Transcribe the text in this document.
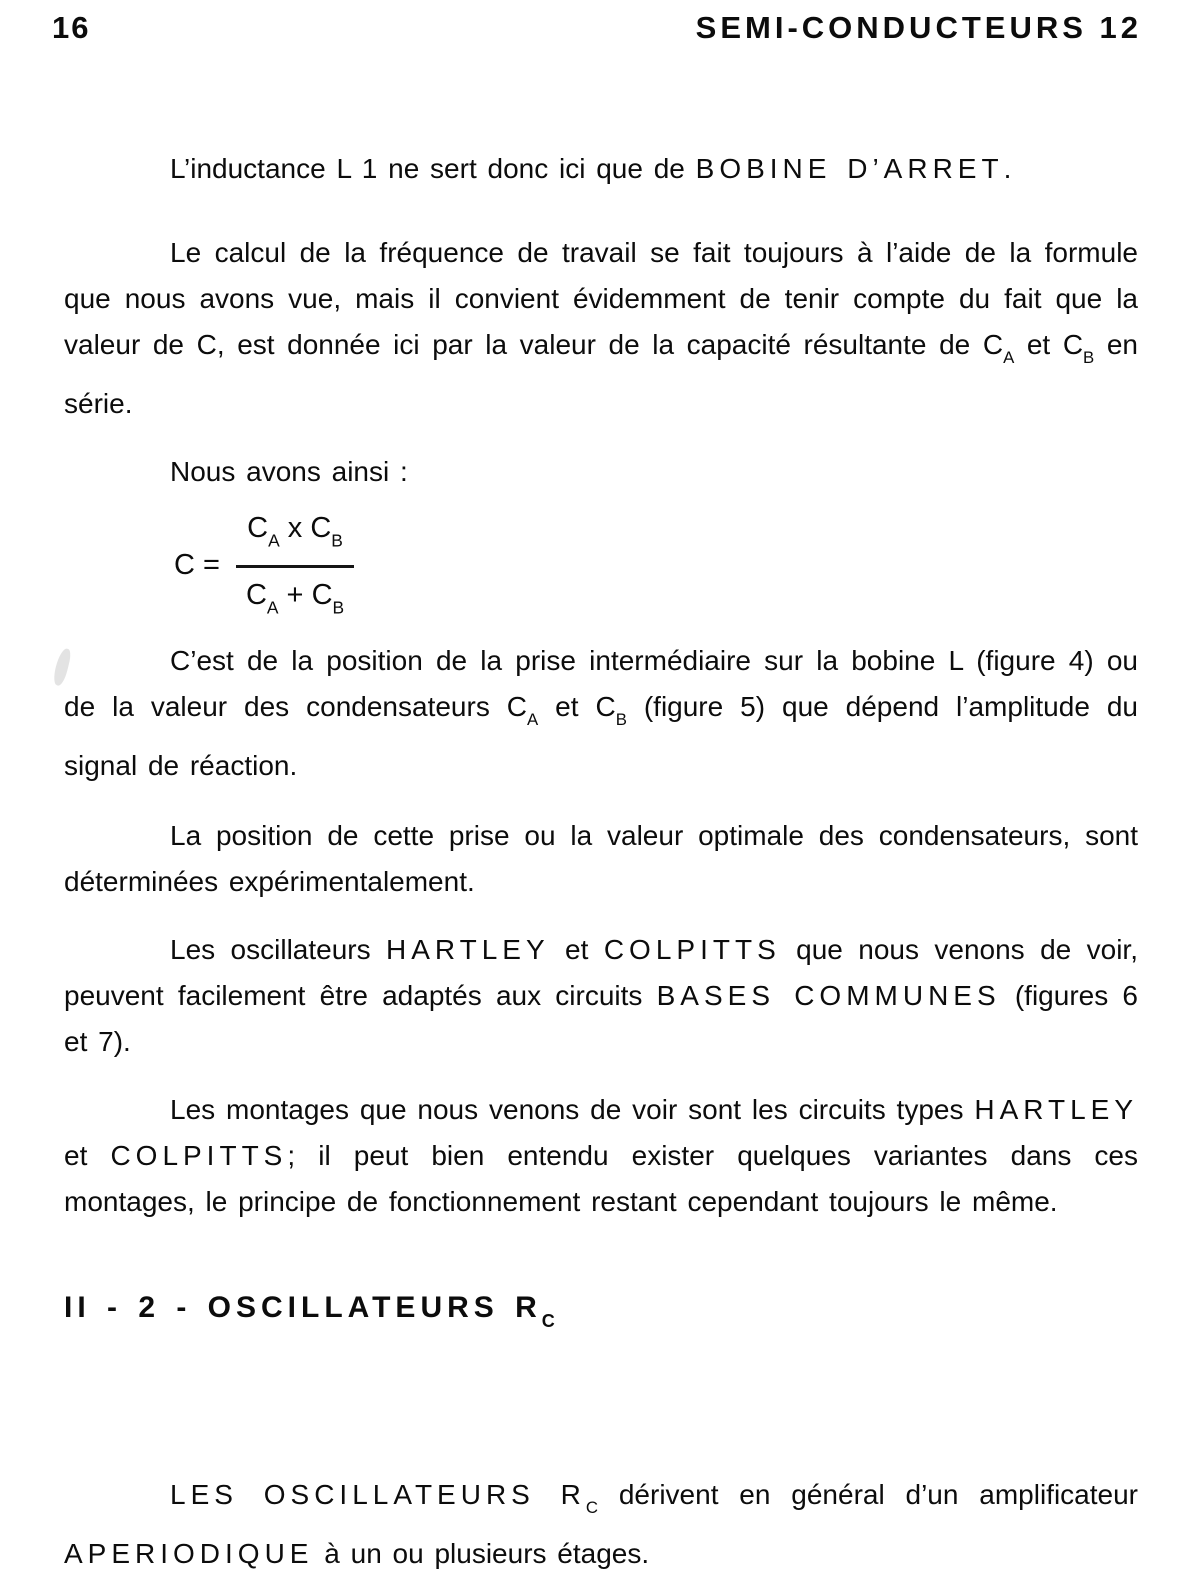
16	SEMI-CONDUCTEURS 12

L’inductance L 1 ne sert donc ici que de BOBINE D’ARRET.

Le calcul de la fréquence de travail se fait toujours à l’aide de la formule que nous avons vue, mais il convient évidemment de tenir compte du fait que la valeur de C, est donnée ici par la valeur de la capacité résultante de $C_A$ et $C_B$ en série.

Nous avons ainsi :

$C = \frac{C_A x C_B}{C_A + C_B}$

C’est de la position de la prise intermédiaire sur la bobine L (figure 4) ou de la valeur des condensateurs $C_A$ et $C_B$ (figure 5) que dépend l’amplitude du signal de réaction.

La position de cette prise ou la valeur optimale des condensateurs, sont déterminées expérimentalement.

Les oscillateurs HARTLEY et COLPITTS que nous venons de voir, peuvent facilement être adaptés aux circuits BASES COMMUNES (figures 6 et 7).

Les montages que nous venons de voir sont les circuits types HARTLEY et COLPITTS; il peut bien entendu exister quelques variantes dans ces montages, le principe de fonctionnement restant cependant toujours le même.

II - 2 - OSCILLATEURS $R_C$

LES OSCILLATEURS $R_C$ dérivent en général d’un amplificateur APERIODIQUE à un ou plusieurs étages.
